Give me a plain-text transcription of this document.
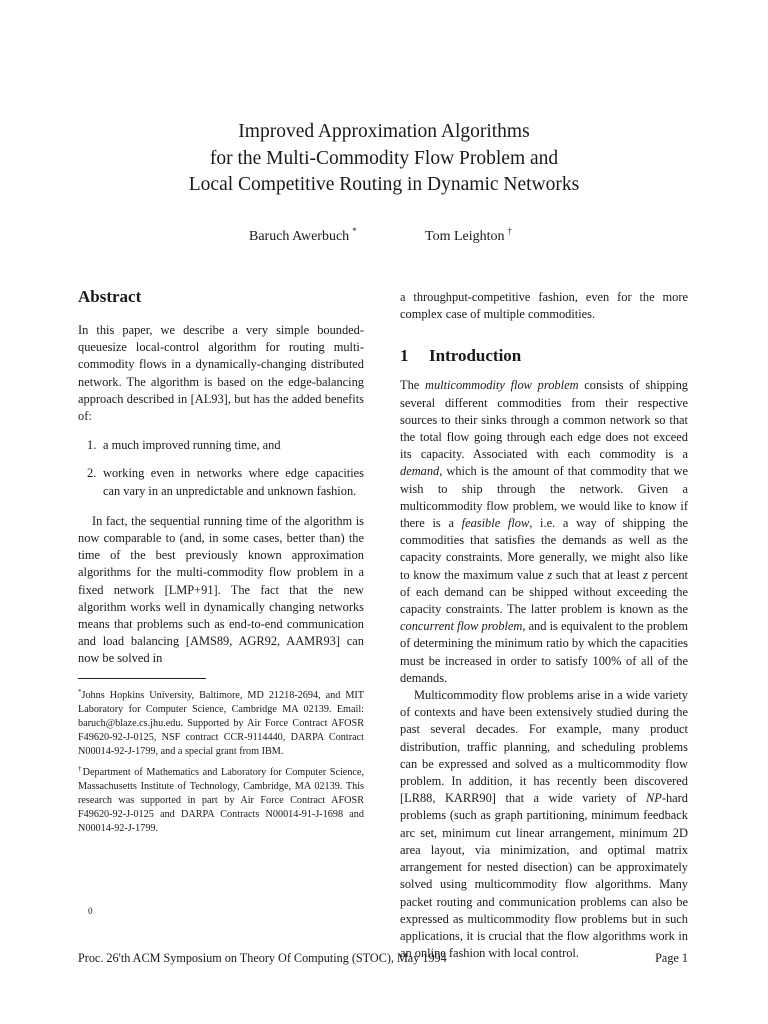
Improved Approximation Algorithms
for the Multi-Commodity Flow Problem and
Local Competitive Routing in Dynamic Networks
Baruch Awerbuch *	Tom Leighton †
Abstract

In this paper, we describe a very simple bounded-queuesize local-control algorithm for routing multi-commodity flows in a dynamically-changing distributed network. The algorithm is based on the edge-balancing approach described in [AL93], but has the added benefits of:

1. a much improved running time, and
2. working even in networks where edge capacities can vary in an unpredictable and unknown fashion.

In fact, the sequential running time of the algorithm is now comparable to (and, in some cases, better than) the time of the best previously known approximation algorithms for the multi-commodity flow problem in a fixed network [LMP+91]. The fact that the new algorithm works well in dynamically changing networks means that problems such as end-to-end communication and load balancing [AMS89, AGR92, AAMR93] can now be solved in

*Johns Hopkins University, Baltimore, MD 21218-2694, and MIT Laboratory for Computer Science, Cambridge MA 02139. Email: baruch@blaze.cs.jhu.edu. Supported by Air Force Contract AFOSR F49620-92-J-0125, NSF contract CCR-9114440, DARPA Contract N00014-92-J-1799, and a special grant from IBM.

†Department of Mathematics and Laboratory for Computer Science, Massachusetts Institute of Technology, Cambridge, MA 02139. This research was supported in part by Air Force Contract AFOSR F49620-92-J-0125 and DARPA Contracts N00014-91-J-1698 and N00014-92-J-1799.

a throughput-competitive fashion, even for the more complex case of multiple commodities.

1 Introduction

The multicommodity flow problem consists of shipping several different commodities from their respective sources to their sinks through a common network so that the total flow going through each edge does not exceed its capacity. Associated with each commodity is a demand, which is the amount of that commodity that we wish to ship through the network. Given a multicommodity flow problem, we would like to know if there is a feasible flow, i.e. a way of shipping the commodities that satisfies the demands as well as the capacity constraints. More generally, we might also like to know the maximum value z such that at least z percent of each demand can be shipped without exceeding the capacity constraints. The latter problem is known as the concurrent flow problem, and is equivalent to the problem of determining the minimum ratio by which the capacities must be increased in order to satisfy 100% of all of the demands.

Multicommodity flow problems arise in a wide variety of contexts and have been extensively studied during the past several decades. For example, many product distribution, traffic planning, and scheduling problems can be expressed and solved as a multicommodity flow problem. In addition, it has recently been discovered [LR88, KARR90] that a wide variety of NP-hard problems (such as graph partitioning, minimum feedback arc set, minimum cut linear arrangement, minimum 2D area layout, via minimization, and optimal matrix arrangement for nested disection) can be approximately solved using multicommodity flow algorithms. Many packet routing and communication problems can also be expressed as multicommodity flow problems but in such applications, it is crucial that the flow algorithms work in an online fashion with local control.

0
Proc. 26'th ACM Symposium on Theory Of Computing (STOC), May 1994	Page 1
